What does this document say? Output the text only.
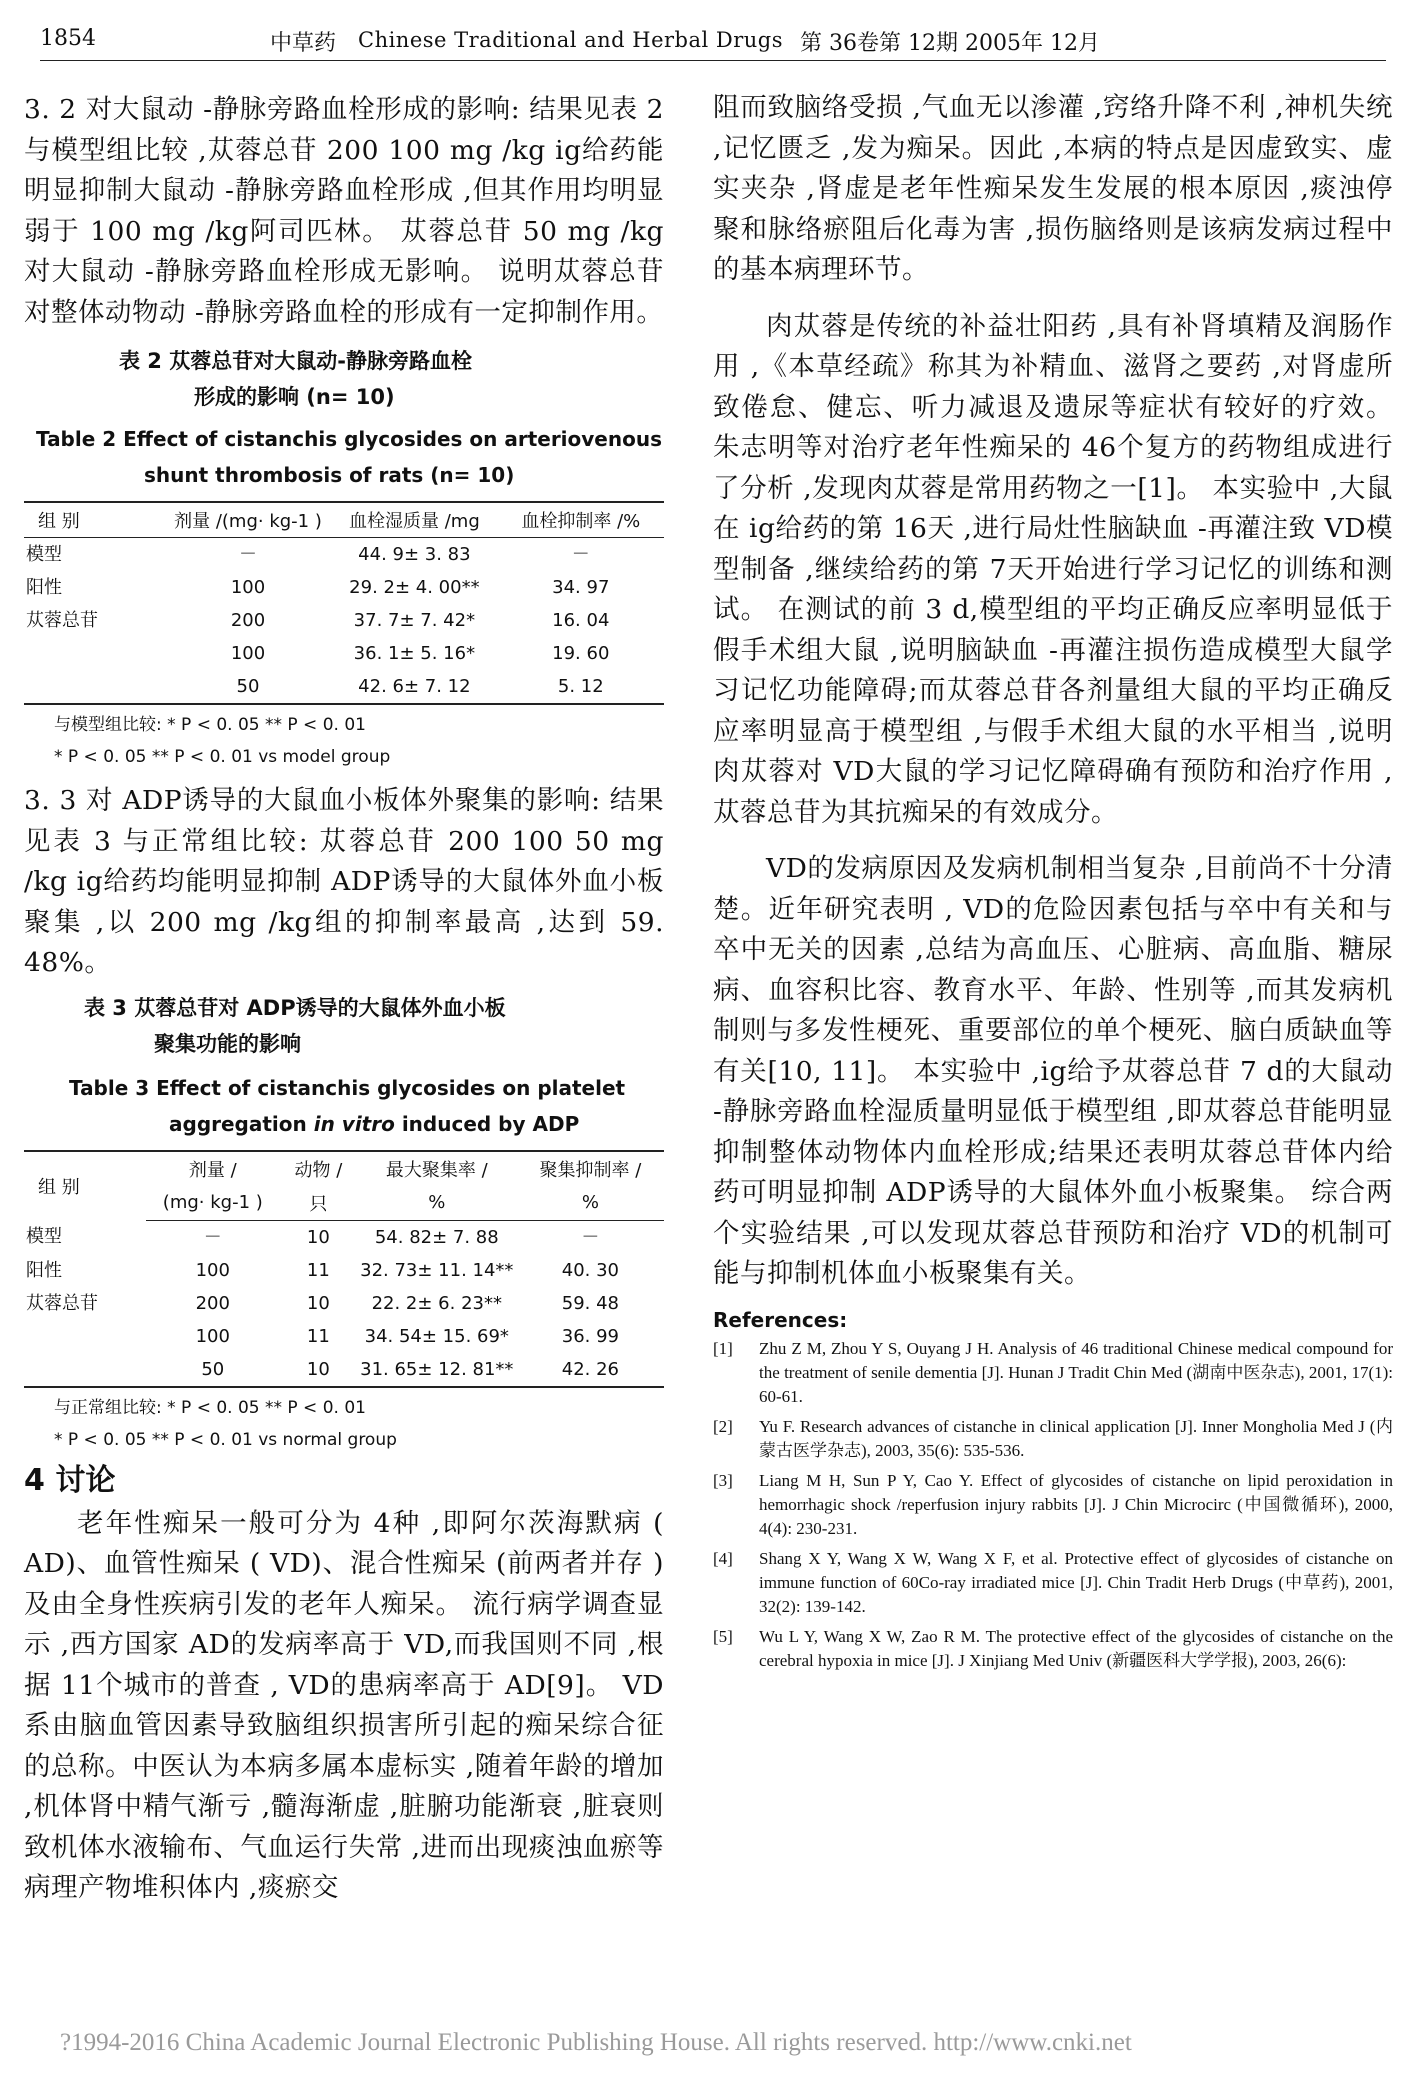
1854	中草药 Chinese Traditional and Herbal Drugs 第 36卷第 12期 2005年 12月

3. 2 对大鼠动 -静脉旁路血栓形成的影响: 结果见表 2与模型组比较 ,苁蓉总苷 200 100 mg /kg ig给药能明显抑制大鼠动 -静脉旁路血栓形成 ,但其作用均明显弱于 100 mg /kg阿司匹林。 苁蓉总苷 50 mg /kg对大鼠动 -静脉旁路血栓形成无影响。 说明苁蓉总苷对整体动物动 -静脉旁路血栓的形成有一定抑制作用。

表 2 苁蓉总苷对大鼠动-静脉旁路血栓
形成的影响 (n= 10)
Table 2 Effect of cistanchis glycosides on arteriovenous
shunt thrombosis of rats (n= 10)
组 别	剂量 /(mg· kg-1 )	血栓湿质量 /mg	血栓抑制率 /%
模型	－	44. 9± 3. 83	－
阳性	100	29. 2± 4. 00**	34. 97
苁蓉总苷	200	37. 7± 7. 42*	16. 04
	100	36. 1± 5. 16*	19. 60
	50	42. 6± 7. 12	5. 12
与模型组比较: * P < 0. 05 ** P < 0. 01
* P < 0. 05 ** P < 0. 01 vs model group

3. 3 对 ADP诱导的大鼠血小板体外聚集的影响: 结果见表 3 与正常组比较: 苁蓉总苷 200 100 50 mg /kg ig给药均能明显抑制 ADP诱导的大鼠体外血小板聚集 ,以 200 mg /kg组的抑制率最高 ,达到 59. 48%。

表 3 苁蓉总苷对 ADP诱导的大鼠体外血小板
聚集功能的影响
Table 3 Effect of cistanchis glycosides on platelet
aggregation in vitro induced by ADP
组 别	剂量 /	动物 /	最大聚集率 /	聚集抑制率 /
	(mg· kg-1 )	只	%	%
模型	－	10	54. 82± 7. 88	－
阳性	100	11	32. 73± 11. 14**	40. 30
苁蓉总苷	200	10	22. 2± 6. 23**	59. 48
	100	11	34. 54± 15. 69*	36. 99
	50	10	31. 65± 12. 81**	42. 26
与正常组比较: * P < 0. 05 ** P < 0. 01
* P < 0. 05 ** P < 0. 01 vs normal group
4 讨论

老年性痴呆一般可分为 4种 ,即阿尔茨海默病 ( AD)、血管性痴呆 ( VD)、混合性痴呆 (前两者并存 )及由全身性疾病引发的老年人痴呆。 流行病学调查显示 ,西方国家 AD的发病率高于 VD,而我国则不同 ,根据 11个城市的普查 , VD的患病率高于 AD[9]。 VD系由脑血管因素导致脑组织损害所引起的痴呆综合征的总称。中医认为本病多属本虚标实 ,随着年龄的增加 ,机体肾中精气渐亏 ,髓海渐虚 ,脏腑功能渐衰 ,脏衰则致机体水液输布、气血运行失常 ,进而出现痰浊血瘀等病理产物堆积体内 ,痰瘀交

阻而致脑络受损 ,气血无以渗灌 ,窍络升降不利 ,神机失统 ,记忆匮乏 ,发为痴呆。因此 ,本病的特点是因虚致实、虚实夹杂 ,肾虚是老年性痴呆发生发展的根本原因 ,痰浊停聚和脉络瘀阻后化毒为害 ,损伤脑络则是该病发病过程中的基本病理环节。

肉苁蓉是传统的补益壮阳药 ,具有补肾填精及润肠作用 ,《本草经疏》称其为补精血、滋肾之要药 ,对肾虚所致倦怠、健忘、听力减退及遗尿等症状有较好的疗效。 朱志明等对治疗老年性痴呆的 46个复方的药物组成进行了分析 ,发现肉苁蓉是常用药物之一[1]。 本实验中 ,大鼠在 ig给药的第 16天 ,进行局灶性脑缺血 -再灌注致 VD模型制备 ,继续给药的第 7天开始进行学习记忆的训练和测试。 在测试的前 3 d,模型组的平均正确反应率明显低于假手术组大鼠 ,说明脑缺血 -再灌注损伤造成模型大鼠学习记忆功能障碍;而苁蓉总苷各剂量组大鼠的平均正确反应率明显高于模型组 ,与假手术组大鼠的水平相当 ,说明肉苁蓉对 VD大鼠的学习记忆障碍确有预防和治疗作用 ,苁蓉总苷为其抗痴呆的有效成分。

VD的发病原因及发病机制相当复杂 ,目前尚不十分清楚。近年研究表明 , VD的危险因素包括与卒中有关和与卒中无关的因素 ,总结为高血压、心脏病、高血脂、糖尿病、血容积比容、教育水平、年龄、性别等 ,而其发病机制则与多发性梗死、重要部位的单个梗死、脑白质缺血等有关[10, 11]。 本实验中 ,ig给予苁蓉总苷 7 d的大鼠动 -静脉旁路血栓湿质量明显低于模型组 ,即苁蓉总苷能明显抑制整体动物体内血栓形成;结果还表明苁蓉总苷体内给药可明显抑制 ADP诱导的大鼠体外血小板聚集。 综合两个实验结果 ,可以发现苁蓉总苷预防和治疗 VD的机制可能与抑制机体血小板聚集有关。

References:
[1]	Zhu Z M, Zhou Y S, Ouyang J H. Analysis of 46 traditional Chinese medical compound for the treatment of senile dementia [J]. Hunan J Tradit Chin Med (湖南中医杂志), 2001, 17(1): 60-61.
[2]	Yu F. Research advances of cistanche in clinical application [J]. Inner Mongholia Med J (内蒙古医学杂志), 2003, 35(6): 535-536.
[3]	Liang M H, Sun P Y, Cao Y. Effect of glycosides of cistanche on lipid peroxidation in hemorrhagic shock /reperfusion injury rabbits [J]. J Chin Microcirc (中国微循环), 2000, 4(4): 230-231.
[4]	Shang X Y, Wang X W, Wang X F, et al. Protective effect of glycosides of cistanche on immune function of 60Co-ray irradiated mice [J]. Chin Tradit Herb Drugs (中草药), 2001, 32(2): 139-142.
[5]	Wu L Y, Wang X W, Zao R M. The protective effect of the glycosides of cistanche on the cerebral hypoxia in mice [J]. J Xinjiang Med Univ (新疆医科大学学报), 2003, 26(6):
?1994-2016 China Academic Journal Electronic Publishing House. All rights reserved. http://www.cnki.net
